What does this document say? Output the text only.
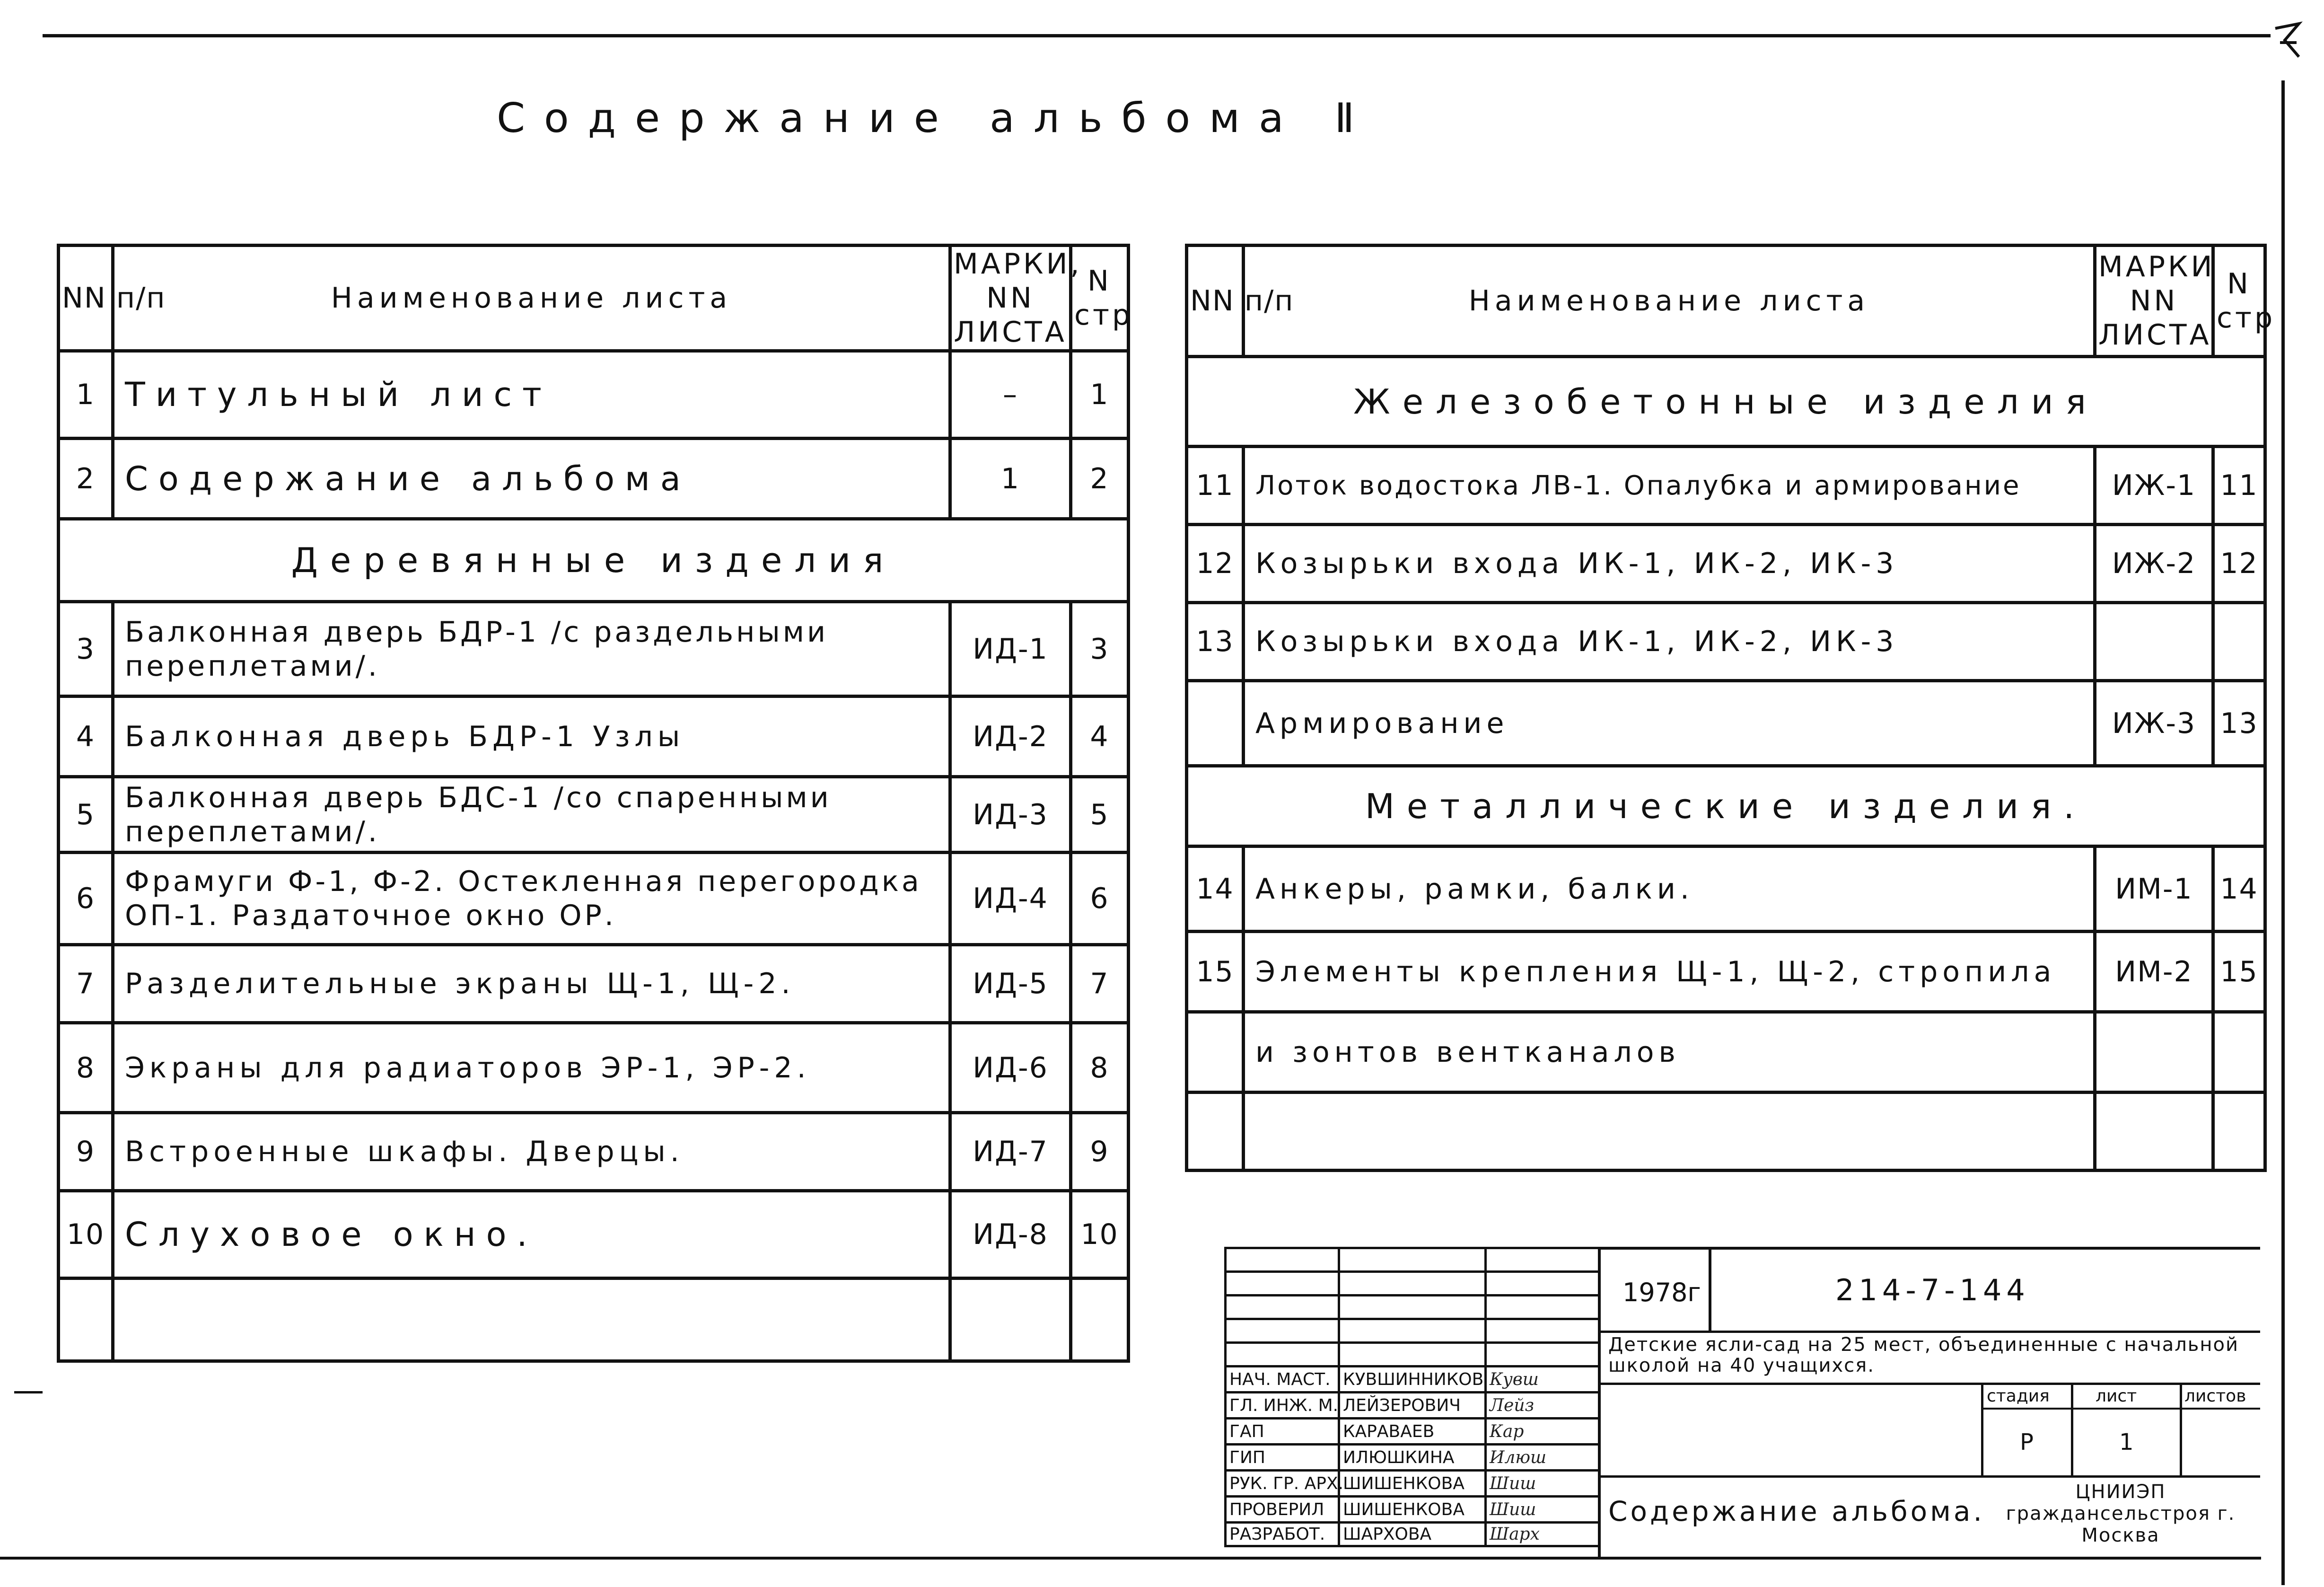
Содержание альбома Ⅱ
NN п/п	Наименование листа	МАРКИ, NN ЛИСТА	N стр
1	Титульный лист	–	1
2	Содержание альбома	1	2
Деревянные изделия			
3	Балконная дверь БДР-1 /с раздельными переплетами/.	ИД-1	3
4	Балконная дверь БДР-1 Узлы	ИД-2	4
5	Балконная дверь БДС-1 /со спаренными переплетами/.	ИД-3	5
6	Фрамуги Ф-1, Ф-2. Остекленная перегородка ОП-1. Раздаточное окно ОР.	ИД-4	6
7	Разделительные экраны Щ-1, Щ-2.	ИД-5	7
8	Экраны для радиаторов ЭР-1, ЭР-2.	ИД-6	8
9	Встроенные шкафы. Дверцы.	ИД-7	9
10	Слуховое окно.	ИД-8	10

NN п/п	Наименование листа	МАРКИ NN ЛИСТА	N стр
Железобетонные изделия			
11	Лоток водостока ЛВ-1. Опалубка и армирование	ИЖ-1	11
12	Козырьки входа ИК-1, ИК-2, ИК-3	ИЖ-2	12
13	Козырьки входа ИК-1, ИК-2, ИК-3		
	Армирование	ИЖ-3	13
Металлические изделия.			
14	Анкеры, рамки, балки.	ИМ-1	14
15	Элементы крепления Щ-1, Щ-2, стропила	ИМ-2	15
	и зонтов вентканалов		

НАЧ. МАСТ.	КУВШИННИКОВ	Кувш
ГЛ. ИНЖ. М.	ЛЕЙЗЕРОВИЧ	Лейз
ГАП	КАРАВАЕВ	Кар
ГИП	ИЛЮШКИНА	Илюш
РУК. ГР. АРХ.	ШИШЕНКОВА	Шиш
ПРОВЕРИЛ	ШИШЕНКОВА	Шиш
РАЗРАБОТ.	ШАРХОВА	Шарх
1978г	214-7-144
Детские ясли-сад на 25 мест, объединенные с начальной школой на 40 учащихся.
стадия	лист	листов
Р	1
Содержание альбома.
ЦНИИЭП граждансельстроя г. Москва
